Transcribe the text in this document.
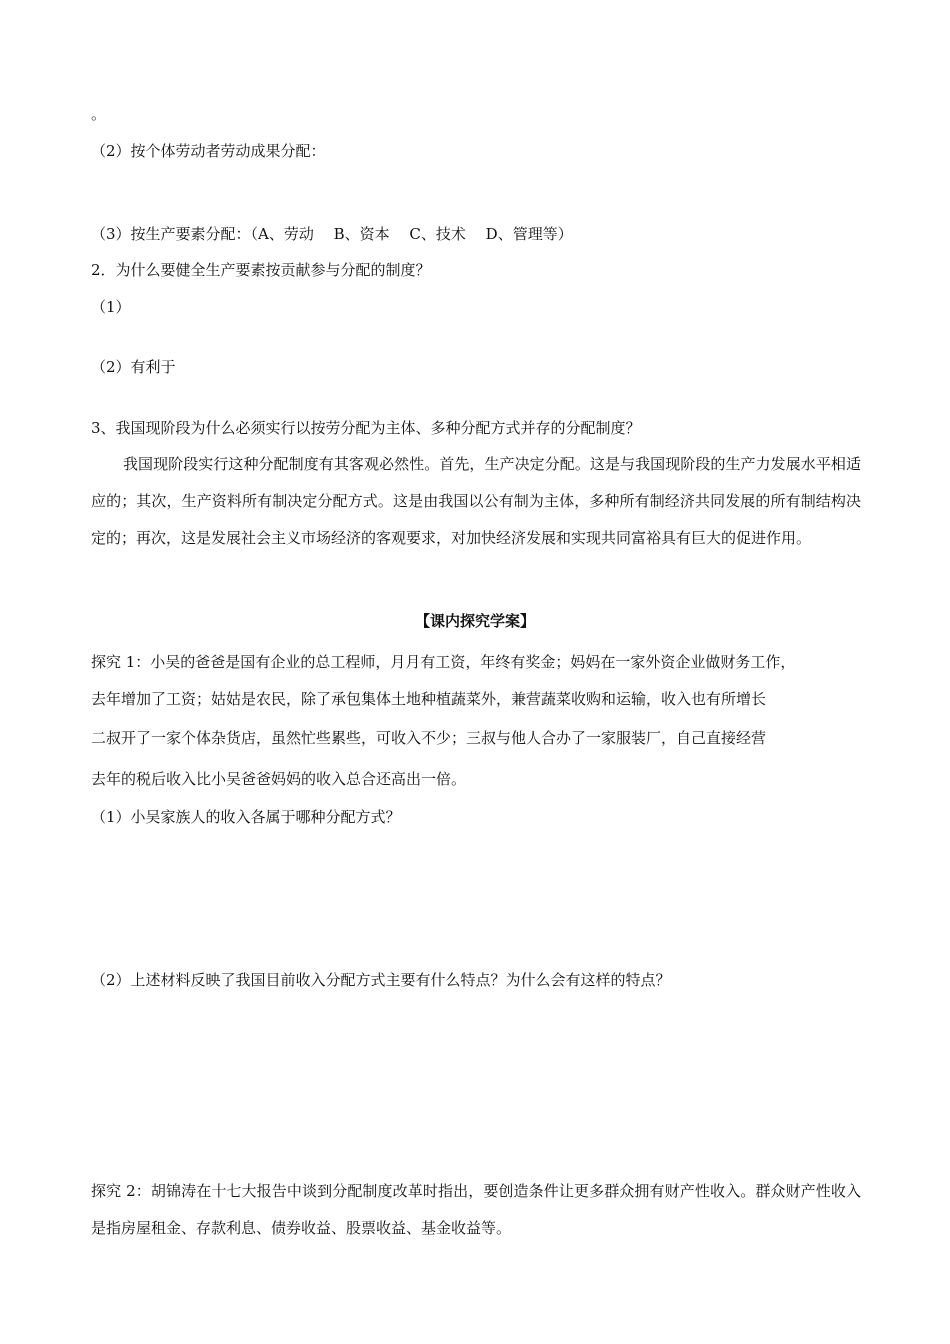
。
（2）按个体劳动者劳动成果分配：
（3）按生产要素分配：（A、劳动　 B、资本　 C、技术　 D、管理等）
2．为什么要健全生产要素按贡献参与分配的制度？
（1）
（2）有利于
3、我国现阶段为什么必须实行以按劳分配为主体、多种分配方式并存的分配制度？
我国现阶段实行这种分配制度有其客观必然性。首先，生产决定分配。这是与我国现阶段的生产力发展水平相适应的；其次，生产资料所有制决定分配方式。这是由我国以公有制为主体，多种所有制经济共同发展的所有制结构决定的；再次，这是发展社会主义市场经济的客观要求，对加快经济发展和实现共同富裕具有巨大的促进作用。
【课内探究学案】
探究 1：小吴的爸爸是国有企业的总工程师，月月有工资，年终有奖金；妈妈在一家外资企业做财务工作，
去年增加了工资；姑姑是农民，除了承包集体土地种植蔬菜外，兼营蔬菜收购和运输，收入也有所增长
二叔开了一家个体杂货店，虽然忙些累些，可收入不少；三叔与他人合办了一家服装厂，自己直接经营
去年的税后收入比小吴爸爸妈妈的收入总合还高出一倍。
（1）小吴家族人的收入各属于哪种分配方式？
（2）上述材料反映了我国目前收入分配方式主要有什么特点？为什么会有这样的特点？
探究 2：胡锦涛在十七大报告中谈到分配制度改革时指出，要创造条件让更多群众拥有财产性收入。群众财产性收入是指房屋租金、存款利息、债券收益、股票收益、基金收益等。
